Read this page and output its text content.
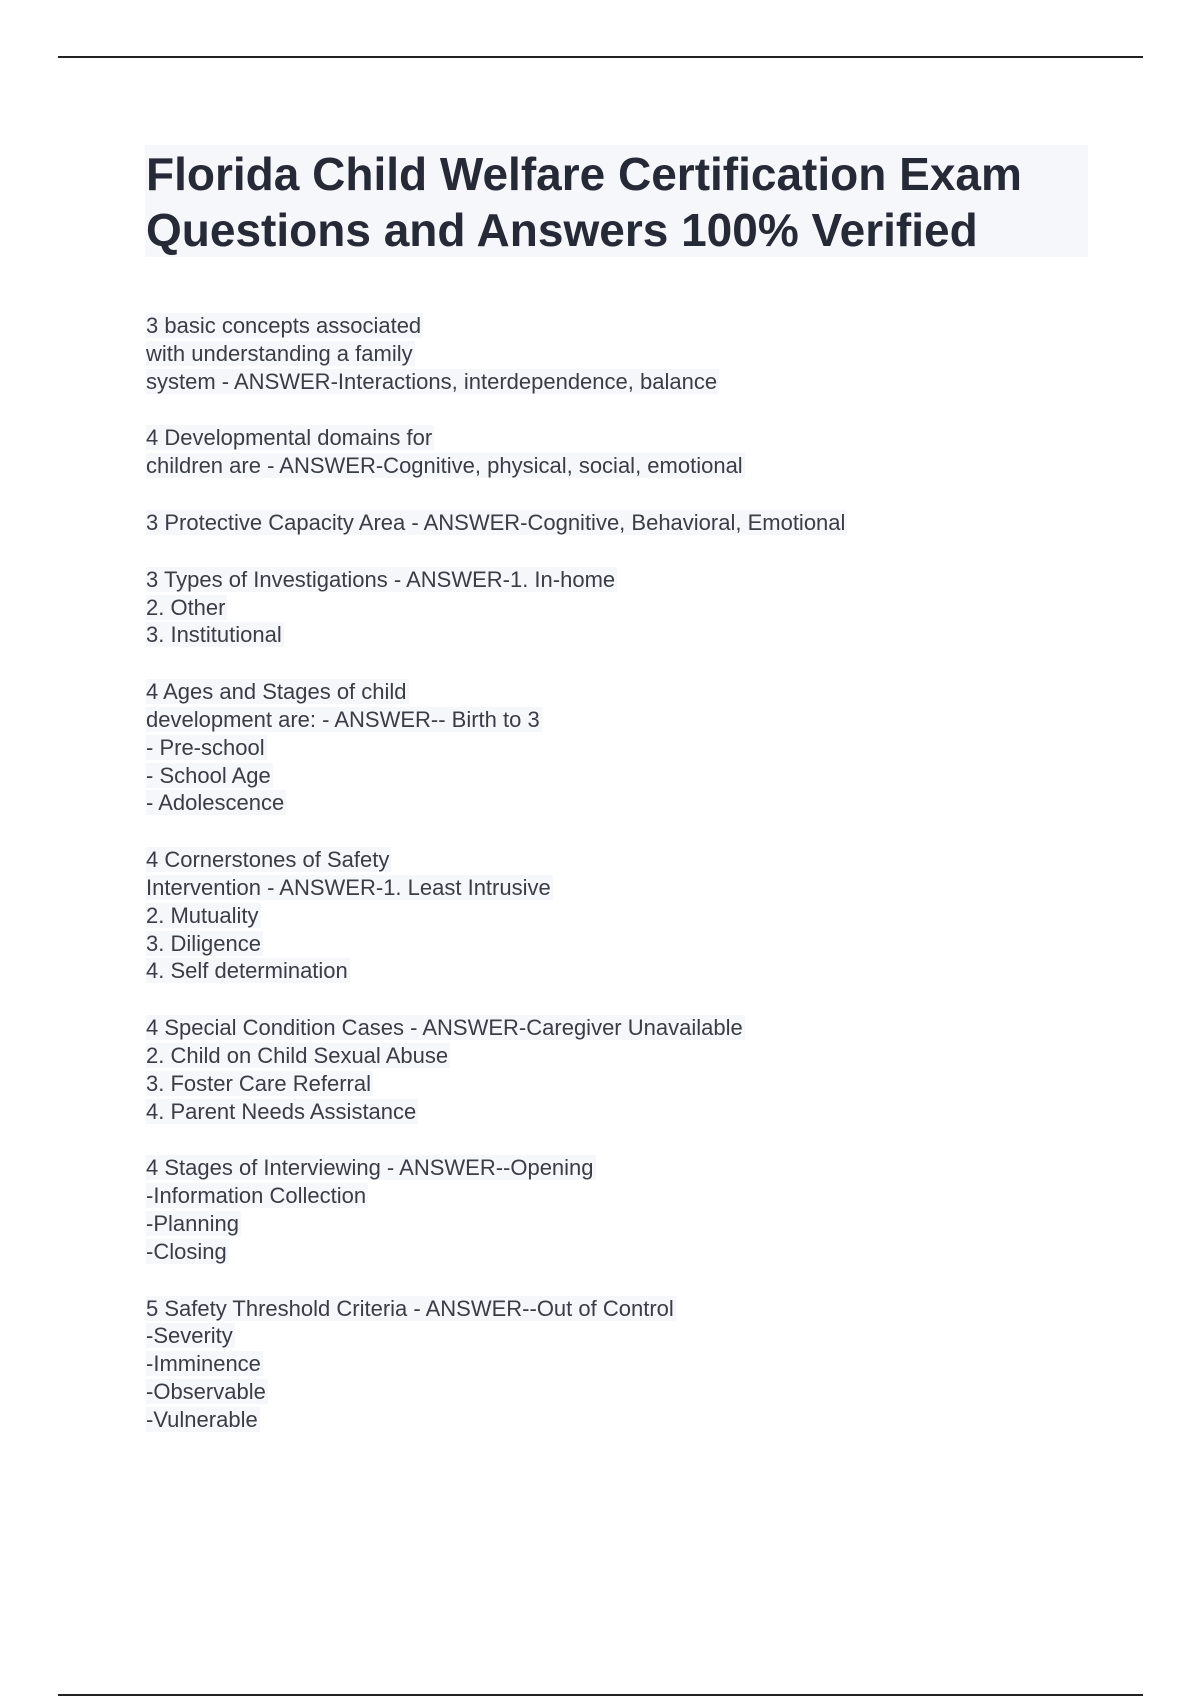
Florida Child Welfare Certification Exam
Questions and Answers 100% Verified
3 basic concepts associated
with understanding a family
system - ANSWER-Interactions, interdependence, balance
4 Developmental domains for
children are - ANSWER-Cognitive, physical, social, emotional
3 Protective Capacity Area - ANSWER-Cognitive, Behavioral, Emotional
3 Types of Investigations - ANSWER-1. In-home
2. Other
3. Institutional
4 Ages and Stages of child
development are: - ANSWER-- Birth to 3
- Pre-school
- School Age
- Adolescence
4 Cornerstones of Safety
Intervention - ANSWER-1. Least Intrusive
2. Mutuality
3. Diligence
4. Self determination
4 Special Condition Cases - ANSWER-Caregiver Unavailable
2. Child on Child Sexual Abuse
3. Foster Care Referral
4. Parent Needs Assistance
4 Stages of Interviewing - ANSWER--Opening
-Information Collection
-Planning
-Closing
5 Safety Threshold Criteria - ANSWER--Out of Control
-Severity
-Imminence
-Observable
-Vulnerable
